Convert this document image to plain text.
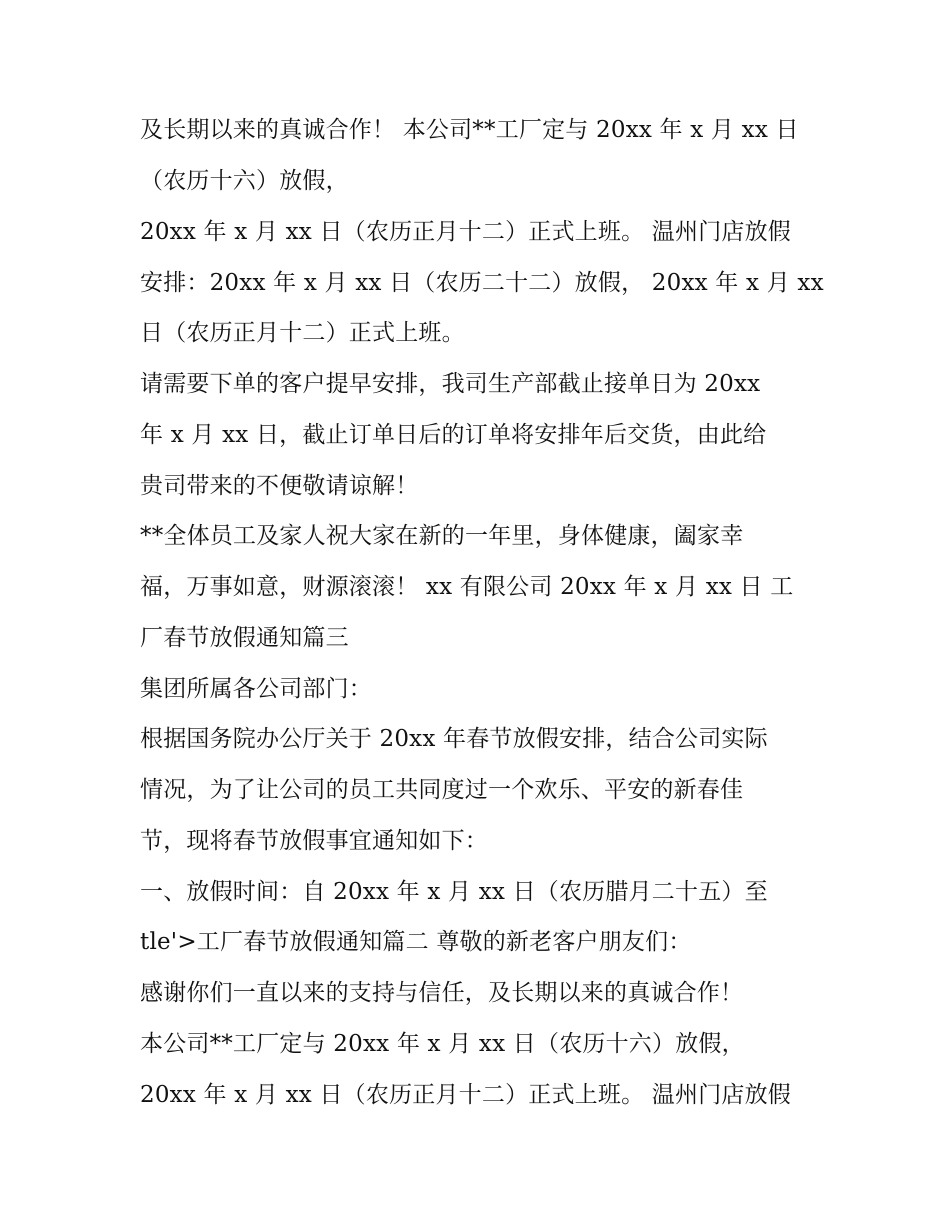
及长期以来的真诚合作！ 本公司**工厂定与 20xx 年 x 月 xx 日
（农历十六）放假，
20xx 年 x 月 xx 日（农历正月十二）正式上班。 温州门店放假
安排：20xx 年 x 月 xx 日（农历二十二）放假， 20xx 年 x 月 xx
日（农历正月十二）正式上班。
请需要下单的客户提早安排，我司生产部截止接单日为 20xx
年 x 月 xx 日，截止订单日后的订单将安排年后交货，由此给
贵司带来的不便敬请谅解！
**全体员工及家人祝大家在新的一年里，身体健康，阖家幸
福，万事如意，财源滚滚！ xx 有限公司 20xx 年 x 月 xx 日 工
厂春节放假通知篇三
集团所属各公司部门：
根据国务院办公厅关于 20xx 年春节放假安排，结合公司实际
情况，为了让公司的员工共同度过一个欢乐、平安的新春佳
节，现将春节放假事宜通知如下：
一、放假时间：自 20xx 年 x 月 xx 日（农历腊月二十五）至
tle'>工厂春节放假通知篇二 尊敬的新老客户朋友们：
感谢你们一直以来的支持与信任，及长期以来的真诚合作！
本公司**工厂定与 20xx 年 x 月 xx 日（农历十六）放假，
20xx 年 x 月 xx 日（农历正月十二）正式上班。 温州门店放假
